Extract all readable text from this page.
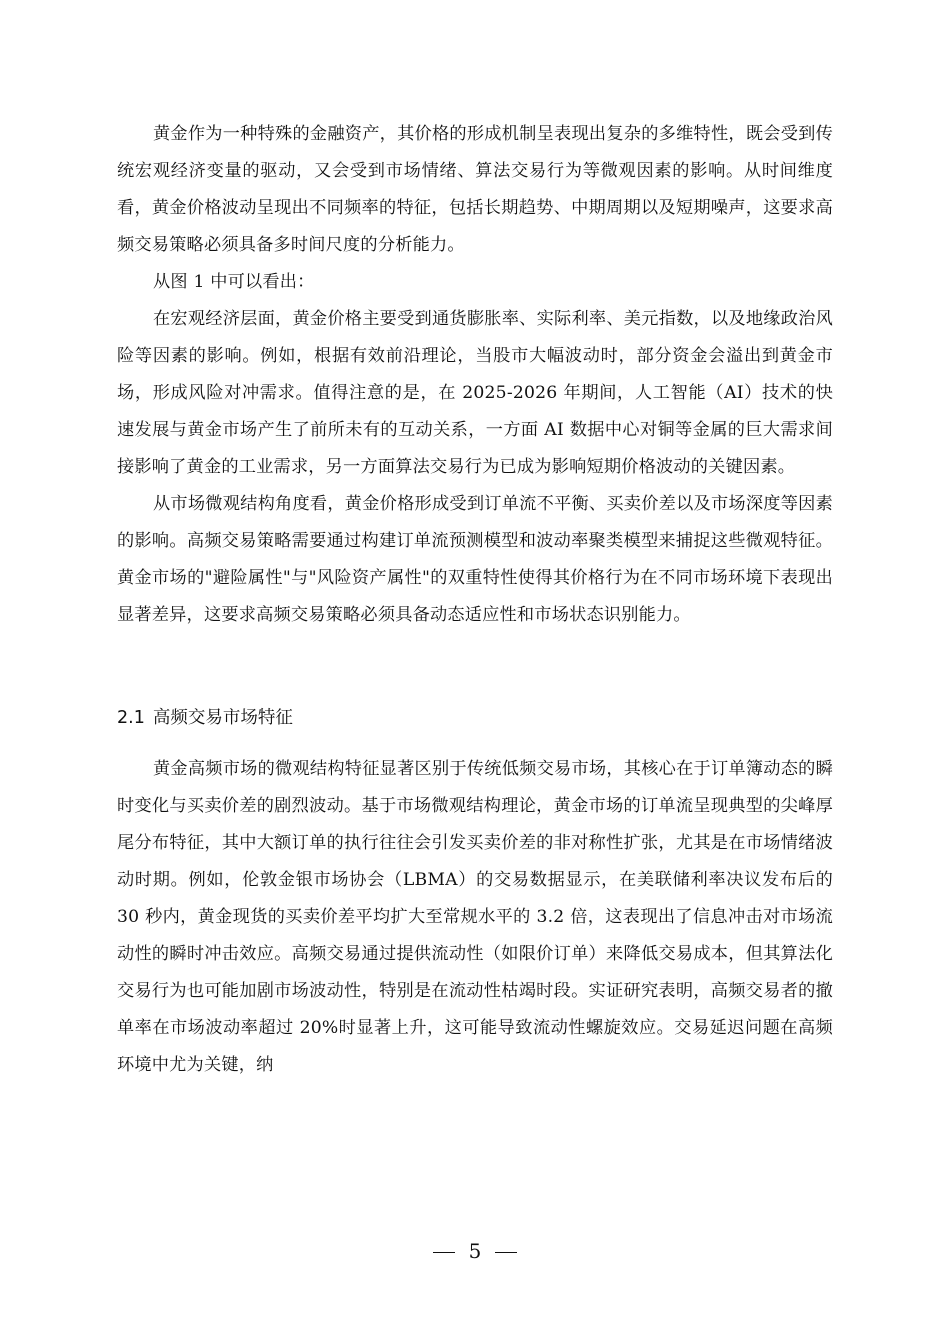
黄金作为一种特殊的金融资产，其价格的形成机制呈表现出复杂的多维特性，既会受到传统宏观经济变量的驱动，又会受到市场情绪、算法交易行为等微观因素的影响。从时间维度看，黄金价格波动呈现出不同频率的特征，包括长期趋势、中期周期以及短期噪声，这要求高频交易策略必须具备多时间尺度的分析能力。

从图 1 中可以看出：

在宏观经济层面，黄金价格主要受到通货膨胀率、实际利率、美元指数，以及地缘政治风险等因素的影响。例如，根据有效前沿理论，当股市大幅波动时，部分资金会溢出到黄金市场，形成风险对冲需求。值得注意的是，在 2025-2026 年期间，人工智能（AI）技术的快速发展与黄金市场产生了前所未有的互动关系，一方面 AI 数据中心对铜等金属的巨大需求间接影响了黄金的工业需求，另一方面算法交易行为已成为影响短期价格波动的关键因素。

从市场微观结构角度看，黄金价格形成受到订单流不平衡、买卖价差以及市场深度等因素的影响。高频交易策略需要通过构建订单流预测模型和波动率聚类模型来捕捉这些微观特征。黄金市场的"避险属性"与"风险资产属性"的双重特性使得其价格行为在不同市场环境下表现出显著差异，这要求高频交易策略必须具备动态适应性和市场状态识别能力。

2.1 高频交易市场特征

黄金高频市场的微观结构特征显著区别于传统低频交易市场，其核心在于订单簿动态的瞬时变化与买卖价差的剧烈波动。基于市场微观结构理论，黄金市场的订单流呈现典型的尖峰厚尾分布特征，其中大额订单的执行往往会引发买卖价差的非对称性扩张，尤其是在市场情绪波动时期。例如，伦敦金银市场协会（LBMA）的交易数据显示，在美联储利率决议发布后的 30 秒内，黄金现货的买卖价差平均扩大至常规水平的 3.2 倍，这表现出了信息冲击对市场流动性的瞬时冲击效应。高频交易通过提供流动性（如限价订单）来降低交易成本，但其算法化交易行为也可能加剧市场波动性，特别是在流动性枯竭时段。实证研究表明，高频交易者的撤单率在市场波动率超过 20%时显著上升，这可能导致流动性螺旋效应。交易延迟问题在高频环境中尤为关键，纳

5
